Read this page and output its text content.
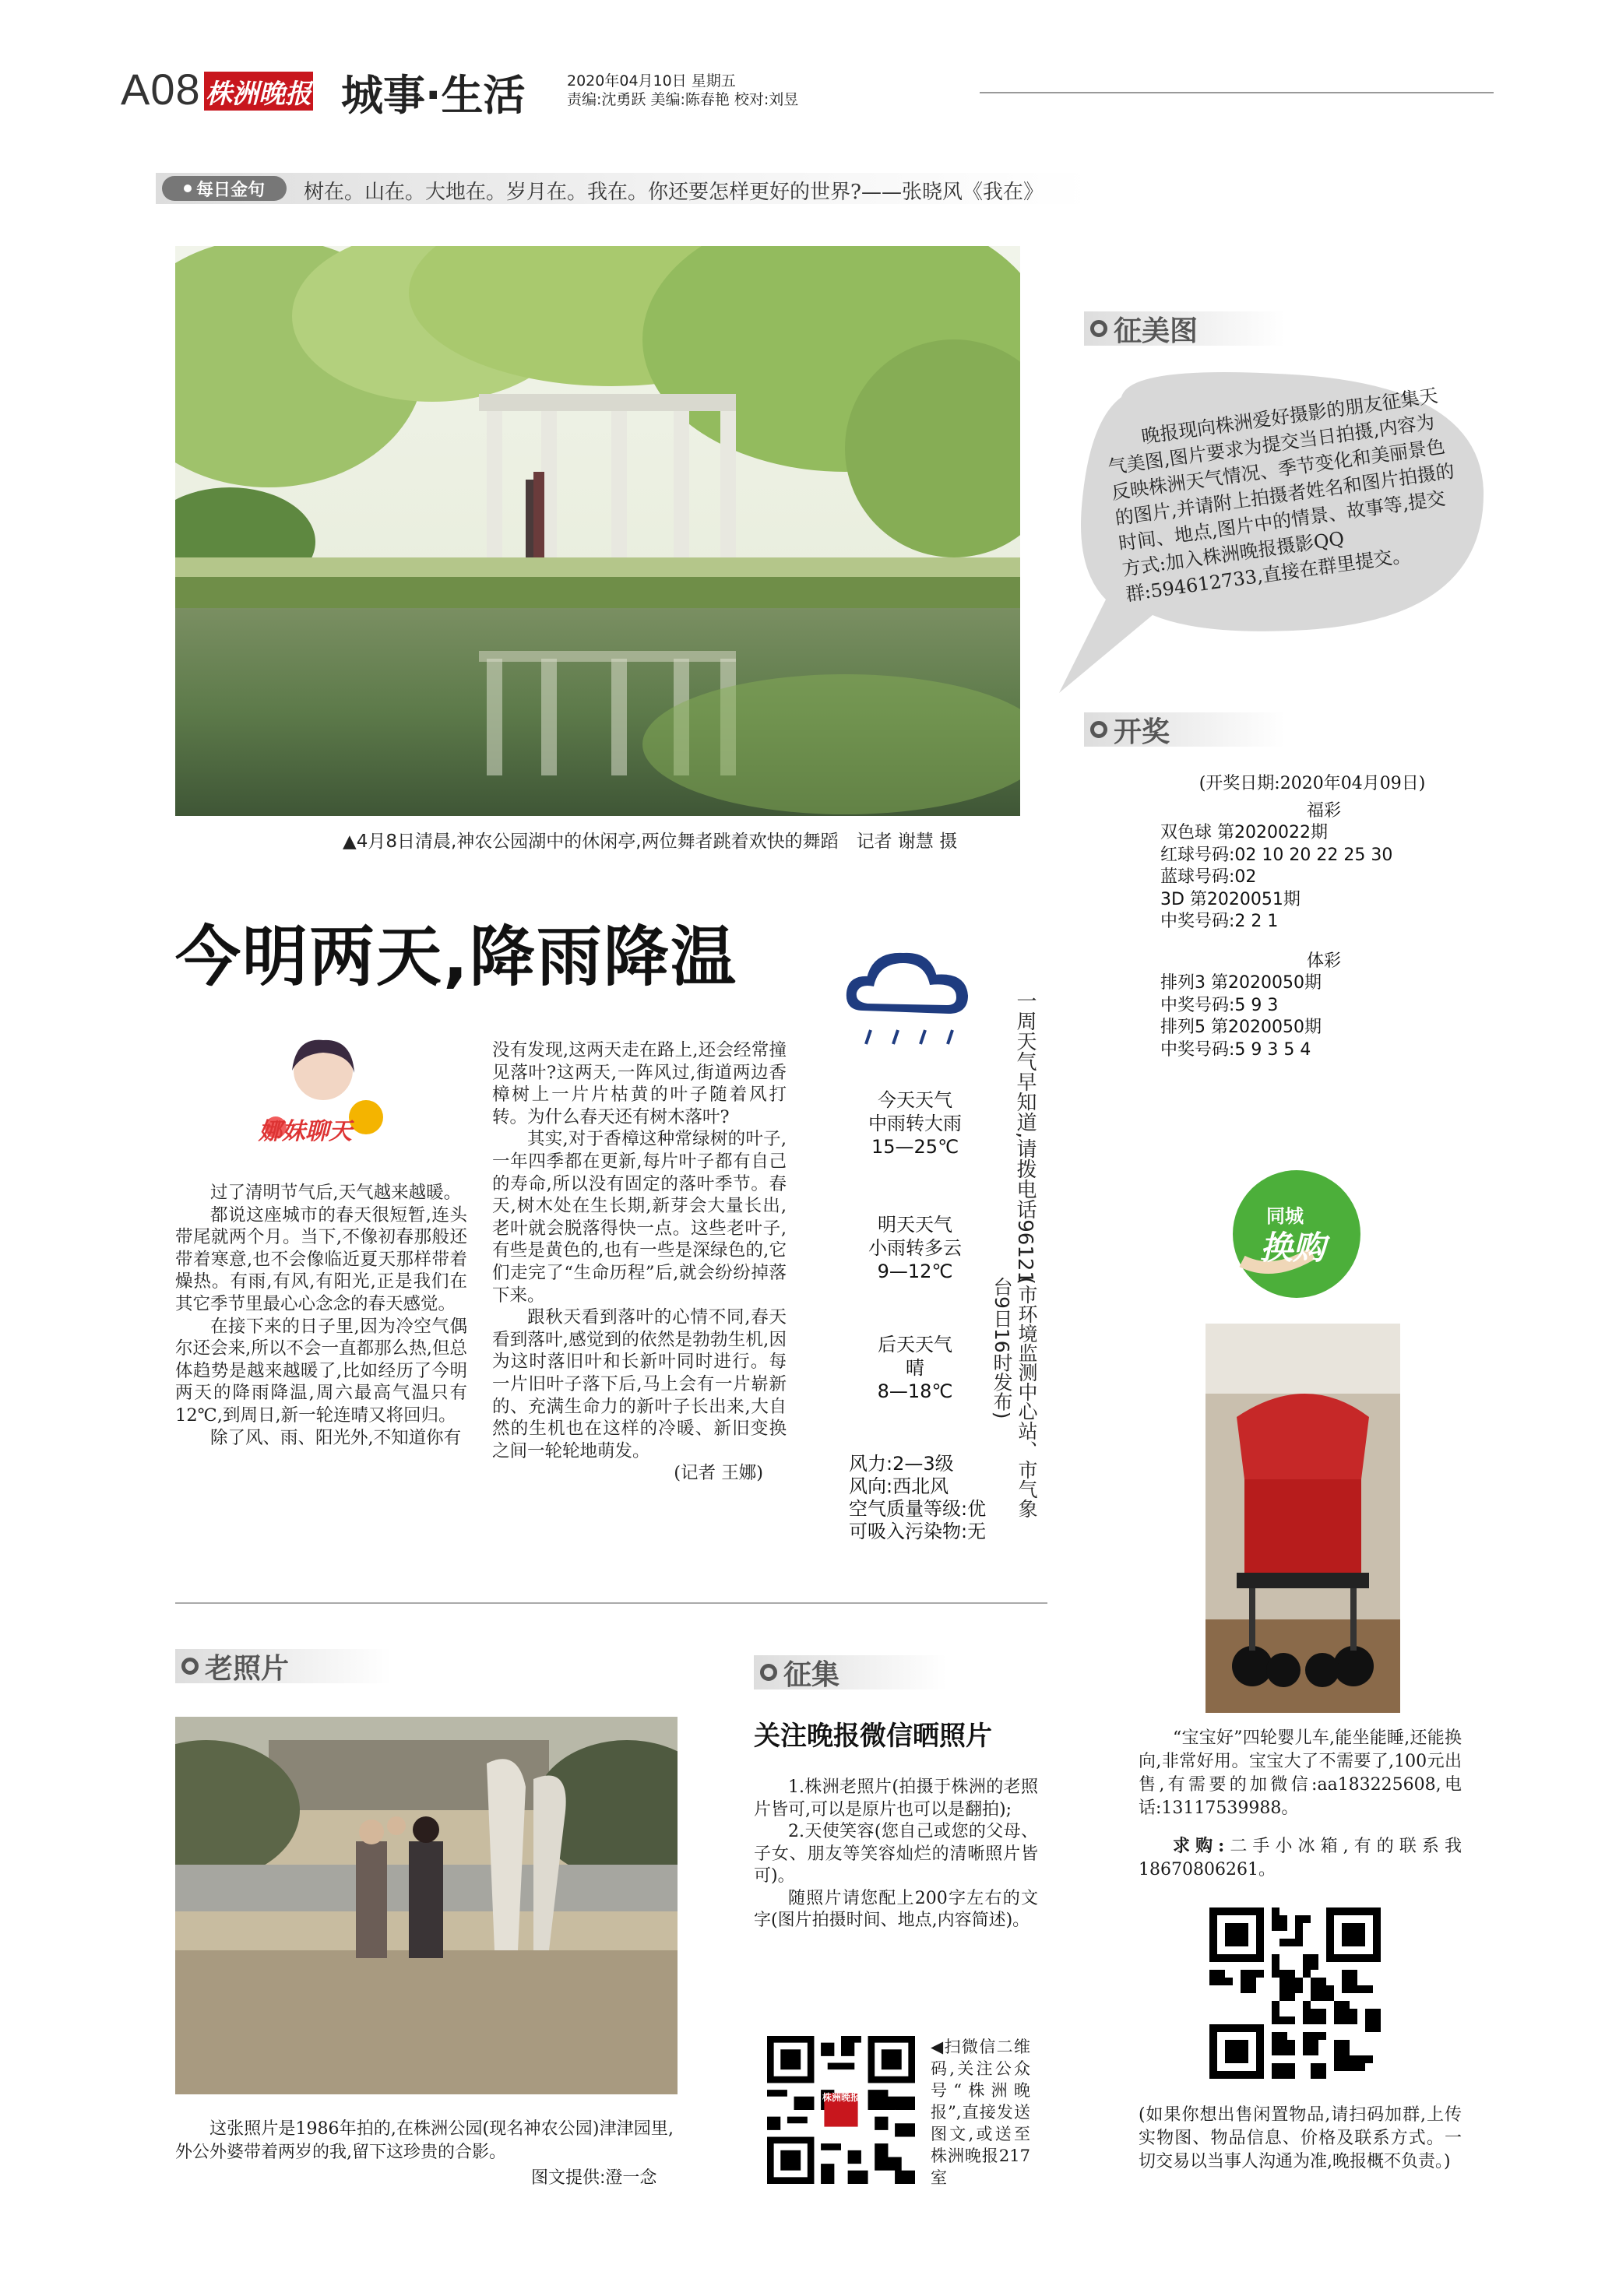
A08 株洲晚报 城事·生活	2020年04月10日 星期五
责编:沈勇跃 美编:陈春艳 校对:刘昱
每日金句 树在。山在。大地在。岁月在。我在。你还要怎样更好的世界?——张晓风《我在》
▲4月8日清晨,神农公园湖中的休闲亭,两位舞者跳着欢快的舞蹈　记者 谢慧 摄
今明两天,降雨降温
娜妹聊天

过了清明节气后,天气越来越暖。

都说这座城市的春天很短暂,连头带尾就两个月。当下,不像初春那般还带着寒意,也不会像临近夏天那样带着燥热。有雨,有风,有阳光,正是我们在其它季节里最心心念念的春天感觉。

在接下来的日子里,因为冷空气偶尔还会来,所以不会一直都那么热,但总体趋势是越来越暖了,比如经历了今明两天的降雨降温,周六最高气温只有12℃,到周日,新一轮连晴又将回归。

除了风、雨、阳光外,不知道你有

没有发现,这两天走在路上,还会经常撞见落叶?这两天,一阵风过,街道两边香樟树上一片片枯黄的叶子随着风打转。为什么春天还有树木落叶?

其实,对于香樟这种常绿树的叶子,一年四季都在更新,每片叶子都有自己的寿命,所以没有固定的落叶季节。春天,树木处在生长期,新芽会大量长出,老叶就会脱落得快一点。这些老叶子,有些是黄色的,也有一些是深绿色的,它们走完了“生命历程”后,就会纷纷掉落下来。

跟秋天看到落叶的心情不同,春天看到落叶,感觉到的依然是勃勃生机,因为这时落旧叶和长新叶同时进行。每一片旧叶子落下后,马上会有一片崭新的、充满生命力的新叶子长出来,大自然的生机也在这样的冷暖、新旧变换之间一轮轮地萌发。

(记者 王娜)
今天天气
中雨转大雨
15—25℃
明天天气
小雨转多云
9—12℃
后天天气
晴
8—18℃
风力:2—3级
风向:西北风
空气质量等级:优
可吸入污染物:无
一周天气早知道,请拨电话96121
(市环境监测中心站、市气象台9日16时发布)
征美图
晚报现向株洲爱好摄影的朋友征集天气美图,图片要求为提交当日拍摄,内容为反映株洲天气情况、季节变化和美丽景色的图片,并请附上拍摄者姓名和图片拍摄的时间、地点,图片中的情景、故事等,提交方式:加入株洲晚报摄影QQ群:594612733,直接在群里提交。
开奖
(开奖日期:2020年04月09日)
福彩
双色球 第2020022期
红球号码:02 10 20 22 25 30
蓝球号码:02
3D 第2020051期
中奖号码:2 2 1
体彩
排列3 第2020050期
中奖号码:5 9 3
排列5 第2020050期
中奖号码:5 9 3 5 4
同城
换购
“宝宝好”四轮婴儿车,能坐能睡,还能换向,非常好用。宝宝大了不需要了,100元出售,有需要的加微信:aa183225608,电话:13117539988。
求购:二手小冰箱,有的联系我18670806261。
(如果你想出售闲置物品,请扫码加群,上传实物图、物品信息、价格及联系方式。一切交易以当事人沟通为准,晚报概不负责。)
老照片
这张照片是1986年拍的,在株洲公园(现名神农公园)津津园里,外公外婆带着两岁的我,留下这珍贵的合影。
图文提供:澄一念
征集
关注晚报微信晒照片

1.株洲老照片(拍摄于株洲的老照片皆可,可以是原片也可以是翻拍);

2.天使笑容(您自己或您的父母、子女、朋友等笑容灿烂的清晰照片皆可)。

随照片请您配上200字左右的文字(图片拍摄时间、地点,内容简述)。

株洲晚报
◀扫微信二维码,关注公众号“株洲晚报”,直接发送图文,或送至株洲晚报217室
